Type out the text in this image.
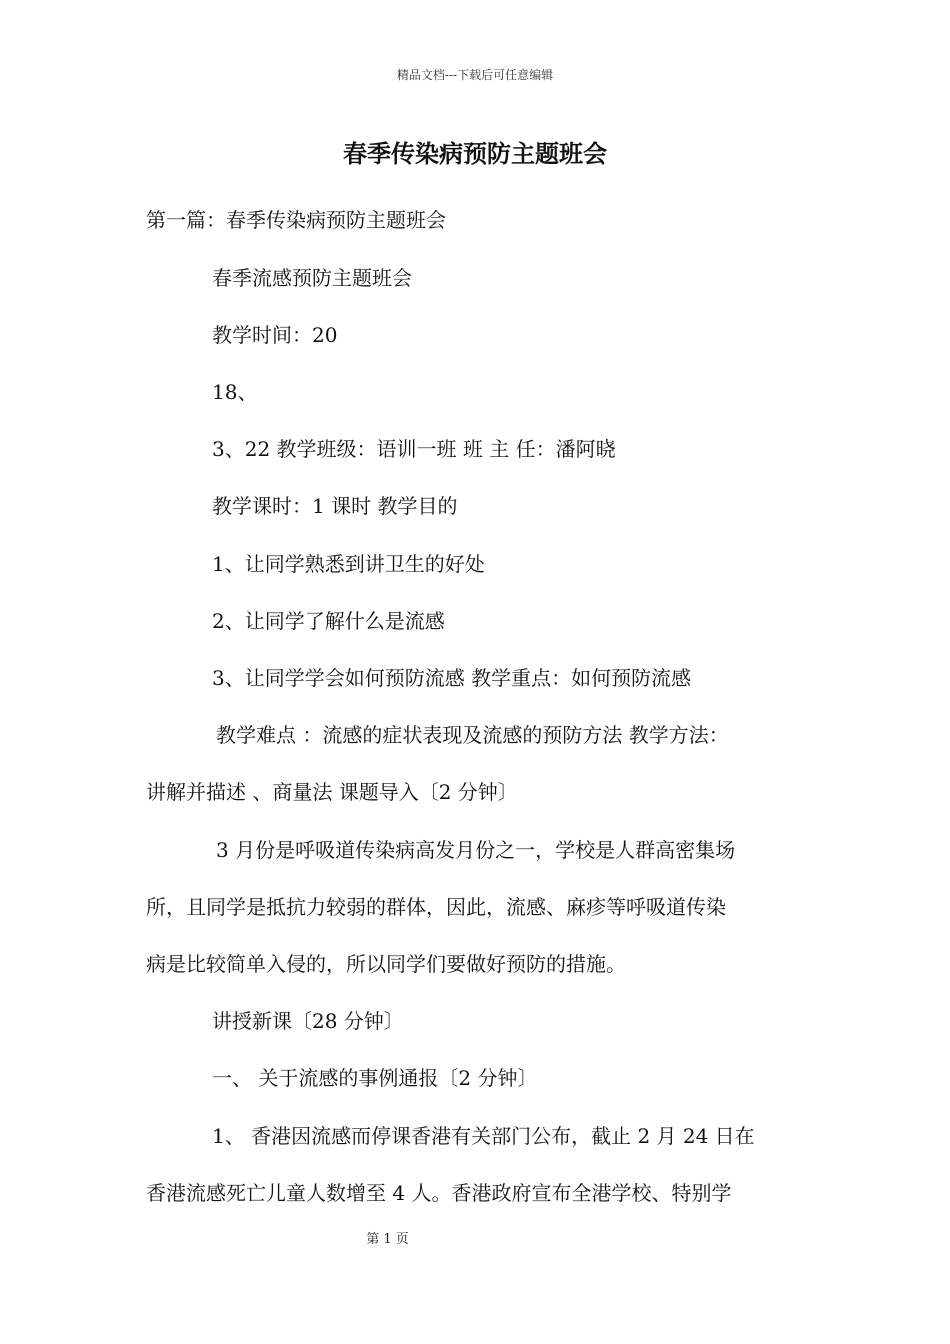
精品文档---下载后可任意编辑
春季传染病预防主题班会
第一篇：春季传染病预防主题班会
春季流感预防主题班会
教学时间：20
18、
3、22 教学班级：语训一班 班 主 任：潘阿晓
教学课时：1 课时 教学目的
1、让同学熟悉到讲卫生的好处
2、让同学了解什么是流感
3、让同学学会如何预防流感 教学重点：如何预防流感
教学难点 ：流感的症状表现及流感的预防方法 教学方法：
讲解并描述 、商量法 课题导入〔2 分钟〕
3 月份是呼吸道传染病高发月份之一，学校是人群高密集场
所，且同学是抵抗力较弱的群体，因此，流感、麻疹等呼吸道传染
病是比较简单入侵的，所以同学们要做好预防的措施。
讲授新课〔28 分钟〕
一、 关于流感的事例通报〔2 分钟〕
1、 香港因流感而停课香港有关部门公布，截止 2 月 24 日在
香港流感死亡儿童人数增至 4 人。香港政府宣布全港学校、特别学
第 1 页
